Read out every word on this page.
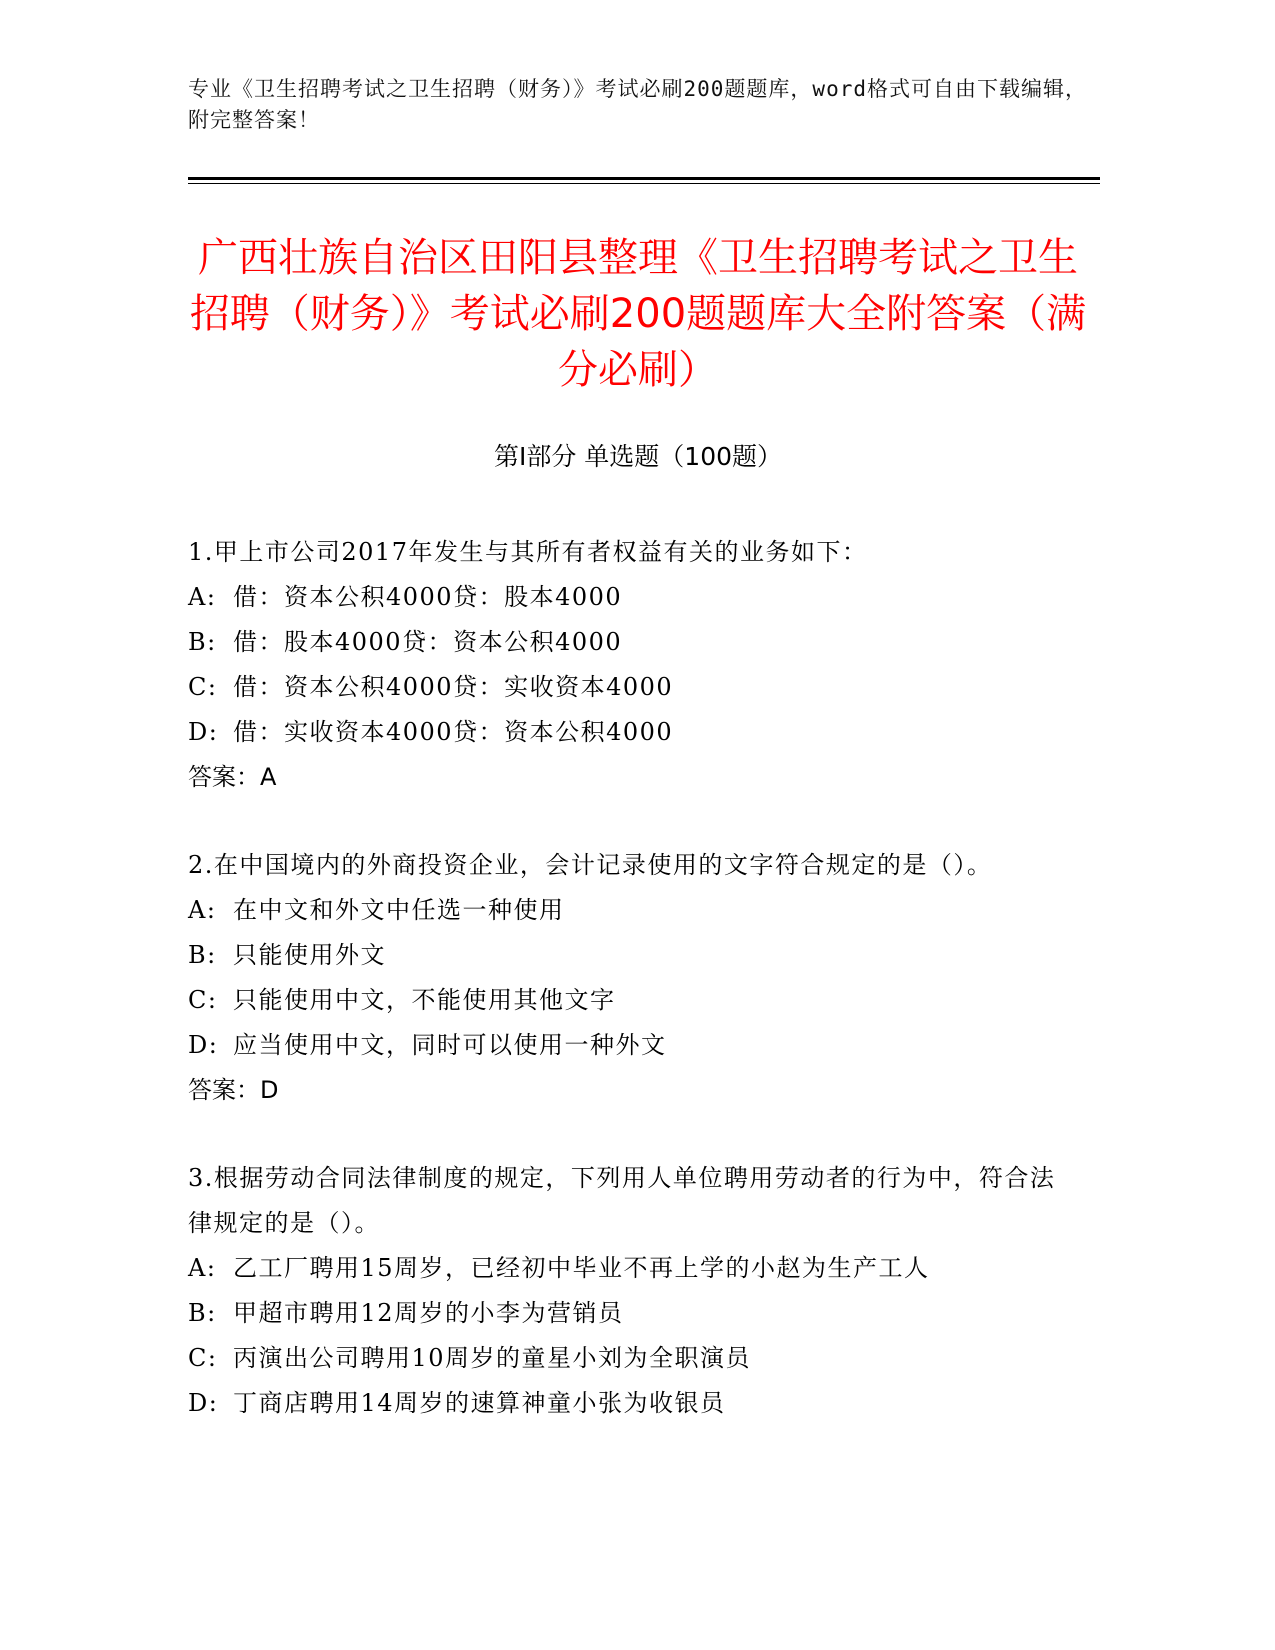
专业《卫生招聘考试之卫生招聘（财务）》考试必刷200题题库，word格式可自由下载编辑，附完整答案！
广西壮族自治区田阳县整理《卫生招聘考试之卫生招聘（财务）》考试必刷200题题库大全附答案（满分必刷）
第Ⅰ部分 单选题（100题）

1.甲上市公司2017年发生与其所有者权益有关的业务如下：

A: 借：资本公积4000贷：股本4000

B: 借：股本4000贷：资本公积4000

C: 借：资本公积4000贷：实收资本4000

D: 借：实收资本4000贷：资本公积4000

答案：A

2.在中国境内的外商投资企业，会计记录使用的文字符合规定的是（）。

A: 在中文和外文中任选一种使用

B: 只能使用外文

C: 只能使用中文，不能使用其他文字

D: 应当使用中文，同时可以使用一种外文

答案：D

3.根据劳动合同法律制度的规定，下列用人单位聘用劳动者的行为中，符合法律规定的是（）。

A: 乙工厂聘用15周岁，已经初中毕业不再上学的小赵为生产工人

B: 甲超市聘用12周岁的小李为营销员

C: 丙演出公司聘用10周岁的童星小刘为全职演员

D: 丁商店聘用14周岁的速算神童小张为收银员
